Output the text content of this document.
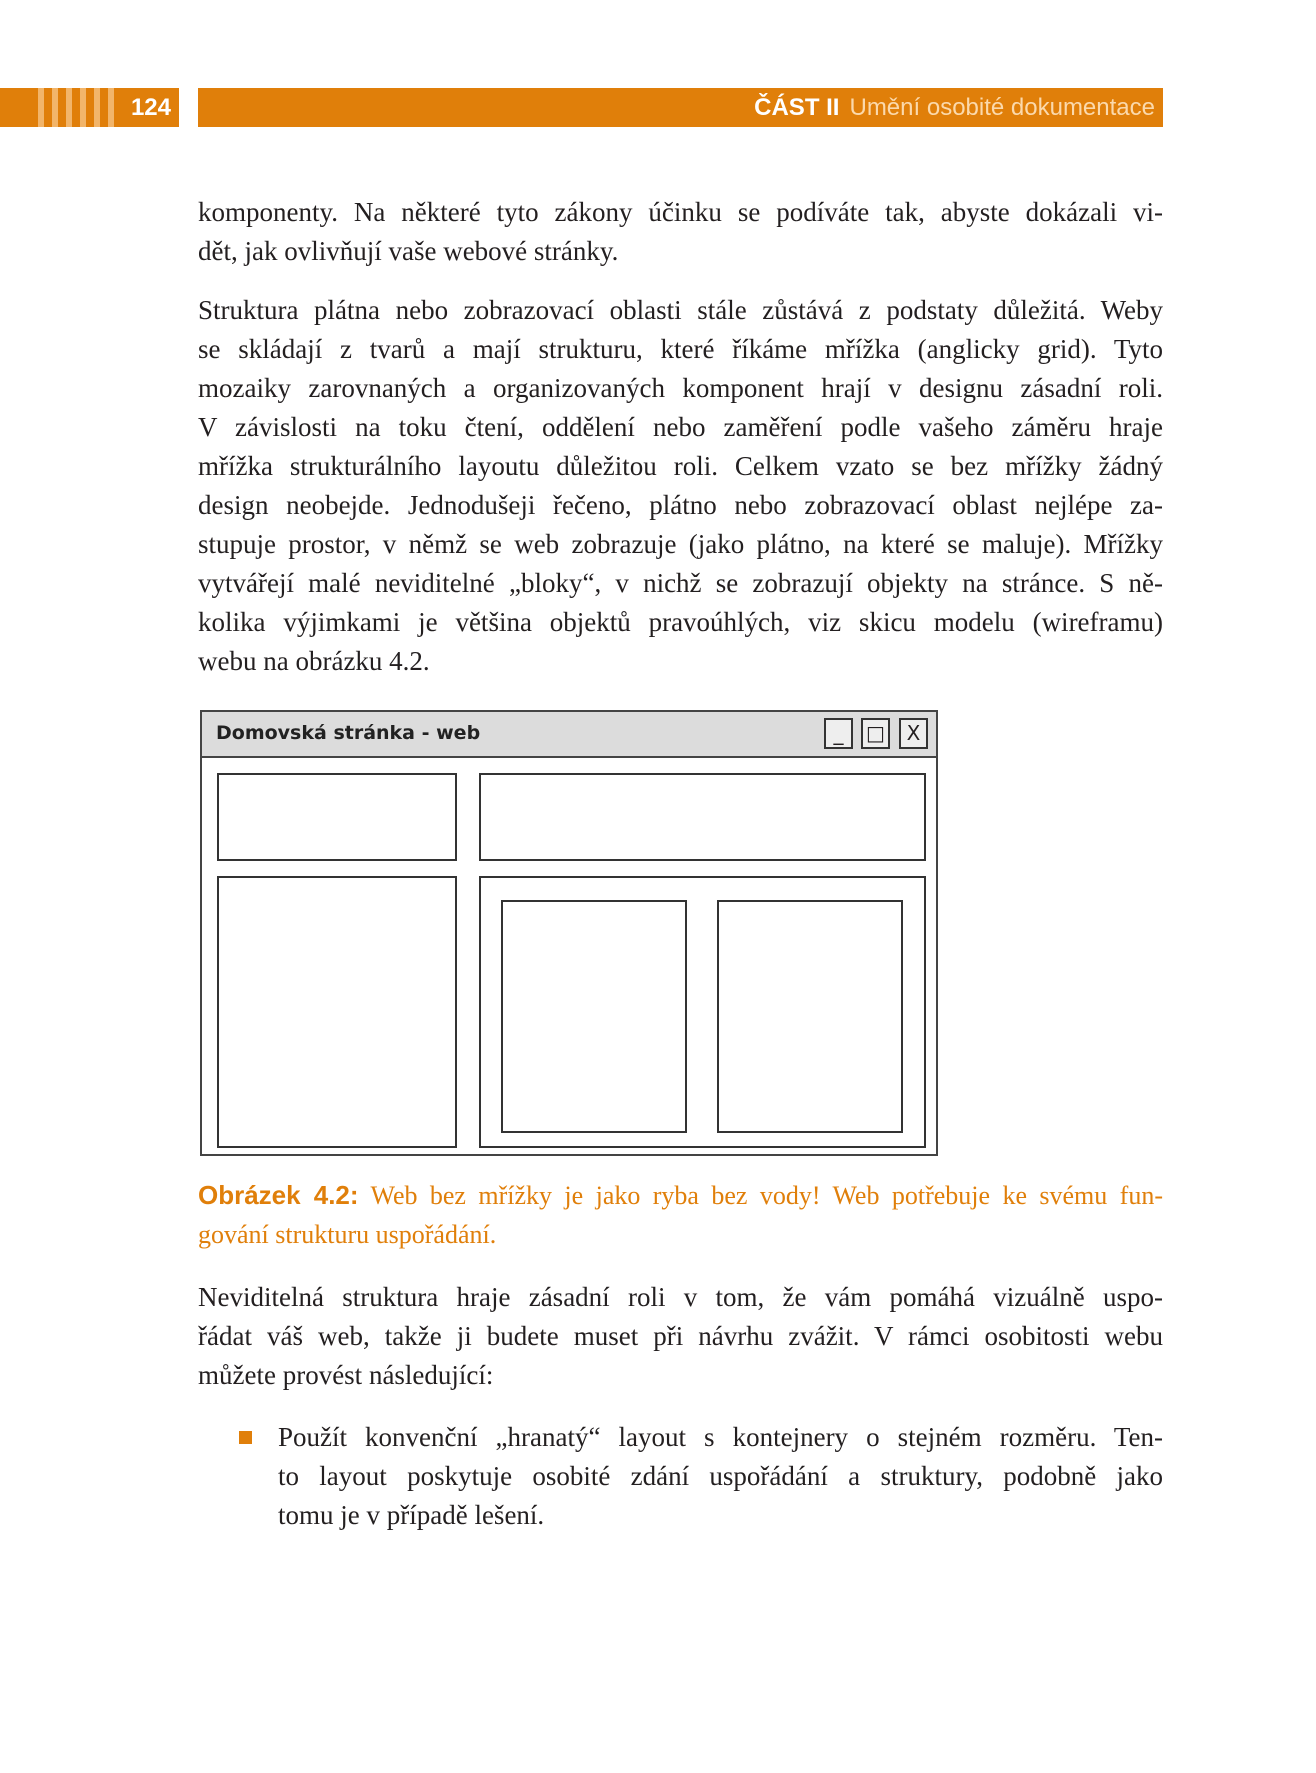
124	ČÁST II Umění osobité dokumentace
komponenty. Na některé tyto zákony účinku se podíváte tak, abyste dokázali vi-
dět, jak ovlivňují vaše webové stránky.
Struktura plátna nebo zobrazovací oblasti stále zůstává z podstaty důležitá. Weby
se skládají z tvarů a mají strukturu, které říkáme mřížka (anglicky grid). Tyto
mozaiky zarovnaných a organizovaných komponent hrají v designu zásadní roli.
V závislosti na toku čtení, oddělení nebo zaměření podle vašeho záměru hraje
mřížka strukturálního layoutu důležitou roli. Celkem vzato se bez mřížky žádný
design neobejde. Jednodušeji řečeno, plátno nebo zobrazovací oblast nejlépe za-
stupuje prostor, v němž se web zobrazuje (jako plátno, na které se maluje). Mřížky
vytvářejí malé neviditelné „bloky“, v nichž se zobrazují objekty na stránce. S ně-
kolika výjimkami je většina objektů pravoúhlých, viz skicu modelu (wireframu)
webu na obrázku 4.2.
Domovská stránka - web	_	□	X
Obrázek 4.2: Web bez mřížky je jako ryba bez vody! Web potřebuje ke svému fun-
gování strukturu uspořádání.
Neviditelná struktura hraje zásadní roli v tom, že vám pomáhá vizuálně uspo-
řádat váš web, takže ji budete muset při návrhu zvážit. V rámci osobitosti webu
můžete provést následující:
Použít konvenční „hranatý“ layout s kontejnery o stejném rozměru. Ten-
to layout poskytuje osobité zdání uspořádání a struktury, podobně jako
tomu je v případě lešení.
